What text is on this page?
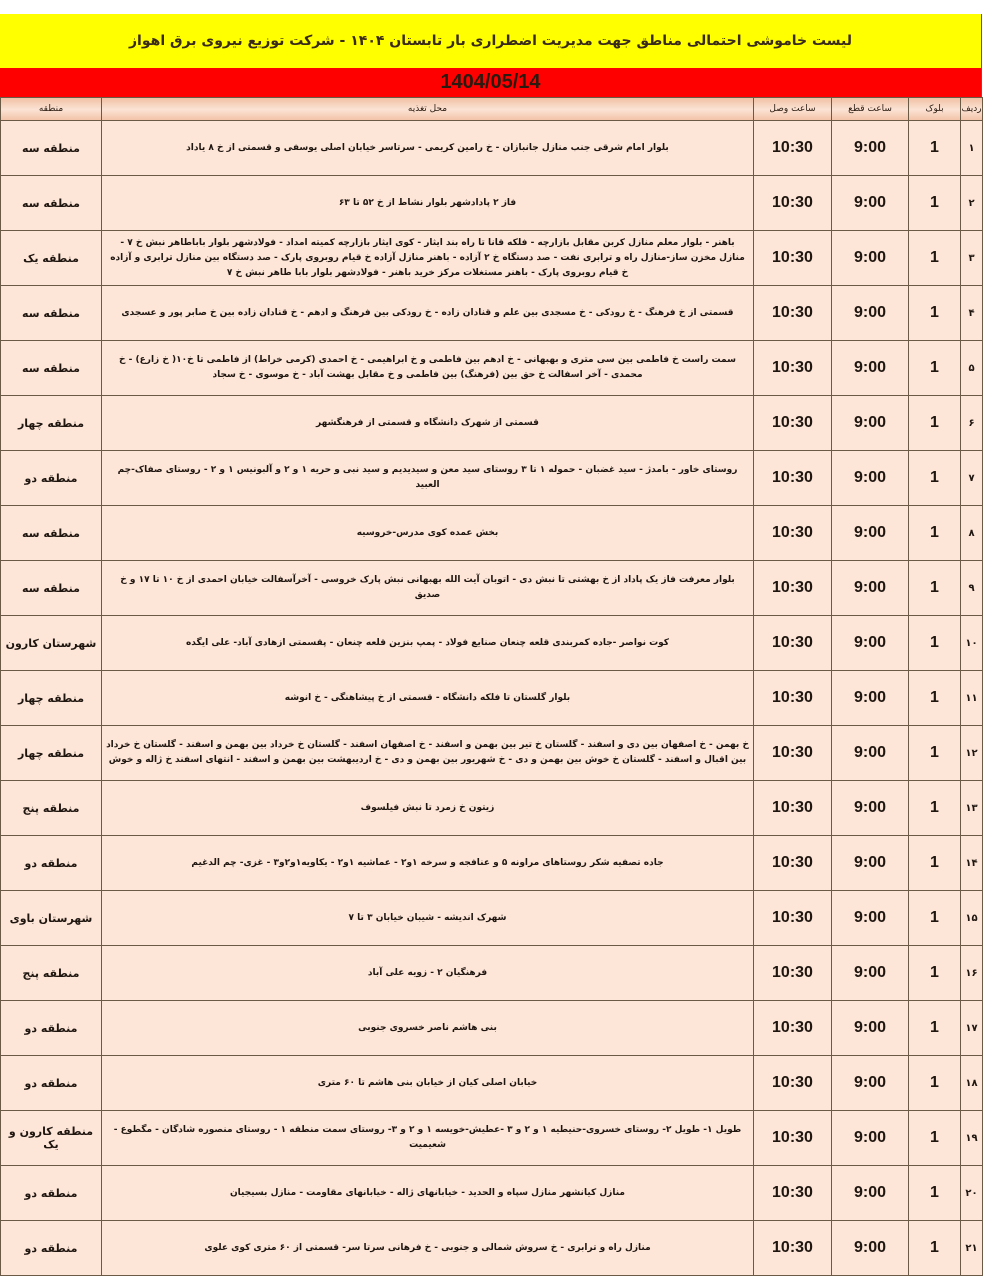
لیست خاموشی احتمالی مناطق جهت مدیریت اضطراری بار تابستان ۱۴۰۴ - شرکت توزیع نیروی برق اهواز
1404/05/14
ردیف	بلوک	ساعت قطع	ساعت وصل	محل تغذیه	منطقه
۱	1	9:00	10:30	بلوار امام شرقی جنب منازل جانبازان - خ رامین کریمی - سرتاسر خیابان اصلی یوسفی و قسمتی از خ ۸ یاداد	منطقه سه
۲	1	9:00	10:30	فاز ۲ پادادشهر بلوار نشاط از خ ۵۲ تا ۶۳	منطقه سه
۳	1	9:00	10:30	باهنر - بلوار معلم منازل کربن مقابل بازارچه - فلکه قانا تا راه بند ایثار - کوی ایثار بازارچه کمیته امداد - فولادشهر بلوار باباطاهر نبش خ ۷ - منازل مخزن ساز-منازل راه و ترابری نفت - صد دستگاه خ ۲ آزاده - باهنر منازل آزاده خ قیام روبروی پارک - صد دستگاه بین منازل ترابری و آزاده خ قیام روبروی پارک - باهنر مستغلات مرکز خرید باهنر - فولادشهر بلوار بابا طاهر نبش خ ۷	منطقه یک
۴	1	9:00	10:30	قسمتی از خ فرهنگ - خ رودکی - خ مسجدی بین علم و قنادان زاده - خ رودکی بین فرهنگ و ادهم - خ قنادان زاده بین خ صابر پور و عسجدی	منطقه سه
۵	1	9:00	10:30	سمت راست خ فاطمی بین سی متری و بهبهانی - خ ادهم بین فاطمی و خ ابراهیمی - خ احمدی (کرمی خراط) از فاطمی تا خ۱۰( خ زارع) - خ محمدی - آخر اسفالت خ حق بین (فرهنگ) بین فاطمی و خ مقابل بهشت آباد - خ موسوی - خ سجاد	منطقه سه
۶	1	9:00	10:30	قسمتی از شهرک دانشگاه و قسمتی از فرهنگشهر	منطقه چهار
۷	1	9:00	10:30	روستای خاور - بامدژ - سید غضبان - حموله ۱ تا ۳ روستای سید معن و سیدیدیم و سید نبی و حریه ۱ و ۲ و آلبونیس ۱ و ۲ - روستای صفاک-چم العبید	منطقه دو
۸	1	9:00	10:30	بخش عمده کوی مدرس-خروسیه	منطقه سه
۹	1	9:00	10:30	بلوار معرفت فاز یک پاداد از خ بهشتی تا نبش دی - اتوبان آیت الله بهبهانی نبش پارک خروسی - آخرآسفالت خیابان احمدی از خ ۱۰ تا ۱۷ و خ صدیق	منطقه سه
۱۰	1	9:00	10:30	کوت نواصر -جاده کمربندی قلعه چنعان صنایع فولاد - پمپ بنزین قلعه چنعان - پقسمتی ازهادی آباد- علی ایگده	شهرستان کارون
۱۱	1	9:00	10:30	بلوار گلستان تا فلکه دانشگاه - قسمتی از خ پیشاهنگی - خ انوشه	منطقه چهار
۱۲	1	9:00	10:30	خ بهمن - خ اصفهان بین دی و اسفند - گلستان خ تیر بین بهمن و اسفند - خ اصفهان اسفند - گلستان خ خرداد بین بهمن و اسفند - گلستان خ خرداد بین اقبال و اسفند - گلستان خ خوش بین بهمن و دی - خ شهریور بین بهمن و دی - خ اردیبهشت بین بهمن و اسفند - انتهای اسفند خ ژاله و خوش	منطقه چهار
۱۳	1	9:00	10:30	زیتون خ زمرد تا نبش فیلسوف	منطقه پنج
۱۴	1	9:00	10:30	جاده تصفیه شکر روستاهای مراونه ۵ و عنافجه و سرخه ۱و۲ - عماشیه ۱و۲ - یکاویه۱و۲و۳ - غزی- چم الدغیم	منطقه دو
۱۵	1	9:00	10:30	شهرک اندیشه - شیبان خیابان ۳ تا ۷	شهرستان باوی
۱۶	1	9:00	10:30	فرهنگیان ۲ - زویه علی آباد	منطقه پنج
۱۷	1	9:00	10:30	بنی هاشم ناصر خسروی جنوبی	منطقه دو
۱۸	1	9:00	10:30	خیابان اصلی کیان از خیابان بنی هاشم تا ۶۰ متری	منطقه دو
۱۹	1	9:00	10:30	طویل ۱- طویل ۲- روستای خسروی-حنیطیه ۱ و ۲ و ۳ -عطیش-خویسه ۱ و ۲ و ۳- روستای سمت منطقه ۱ - روستای منصوره شادگان - مگطوع - شعیمیت	منطقه کارون و یک
۲۰	1	9:00	10:30	منازل کیانشهر منازل سپاه و الحدید - خیابانهای ژاله - خیابانهای مقاومت - منازل بسیجیان	منطقه دو
۲۱	1	9:00	10:30	منازل راه و ترابری - خ سروش شمالی و جنوبی - خ فرهانی سرتا سر- قسمتی از ۶۰ متری کوی علوی	منطقه دو
